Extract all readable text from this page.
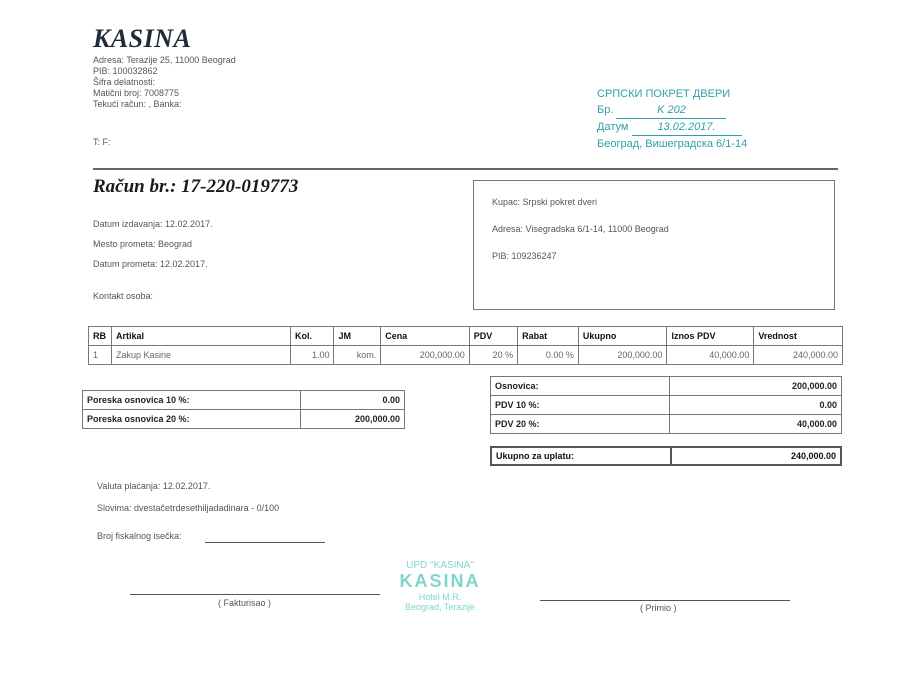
KASINA
Adresa: Terazije 25, 11000 Beograd
PIB: 100032862
Šifra delatnosti:
Matični broj: 7008775
Tekući račun: , Banka:
T: F:
СРПСКИ ПОКРЕТ ДВЕРИ
Бр.	K 202
Датум	13.02.2017.
Београд, Вишеградска 6/1-14
Račun br.: 17-220-019773
Datum izdavanja: 12.02.2017.
Mesto prometa: Beograd
Datum prometa: 12.02.2017.
Kontakt osoba:
Kupac: Srpski pokret dveri
Adresa: Visegradska 6/1-14, 11000 Beograd
PIB: 109236247
RB	Artikal	Kol.	JM	Cena	PDV	Rabat	Ukupno	Iznos PDV	Vrednost
1	Zakup Kasine	1.00	kom.	200,000.00	20 %	0.00 %	200,000.00	40,000.00	240,000.00
Poreska osnovica 10 %:	0.00
Poreska osnovica 20 %:	200,000.00
Osnovica:	200,000.00
PDV 10 %:	0.00
PDV 20 %:	40,000.00
Ukupno za uplatu:	240,000.00
Valuta plaćanja: 12.02.2017.
Slovima: dvestačetrdesethiljadadinara - 0/100
Broj fiskalnog isečka:
( Fakturisao )	( Primio )
UPD "KASINA"
KASINA
Hotel M.R.
Beograd, Terazije
